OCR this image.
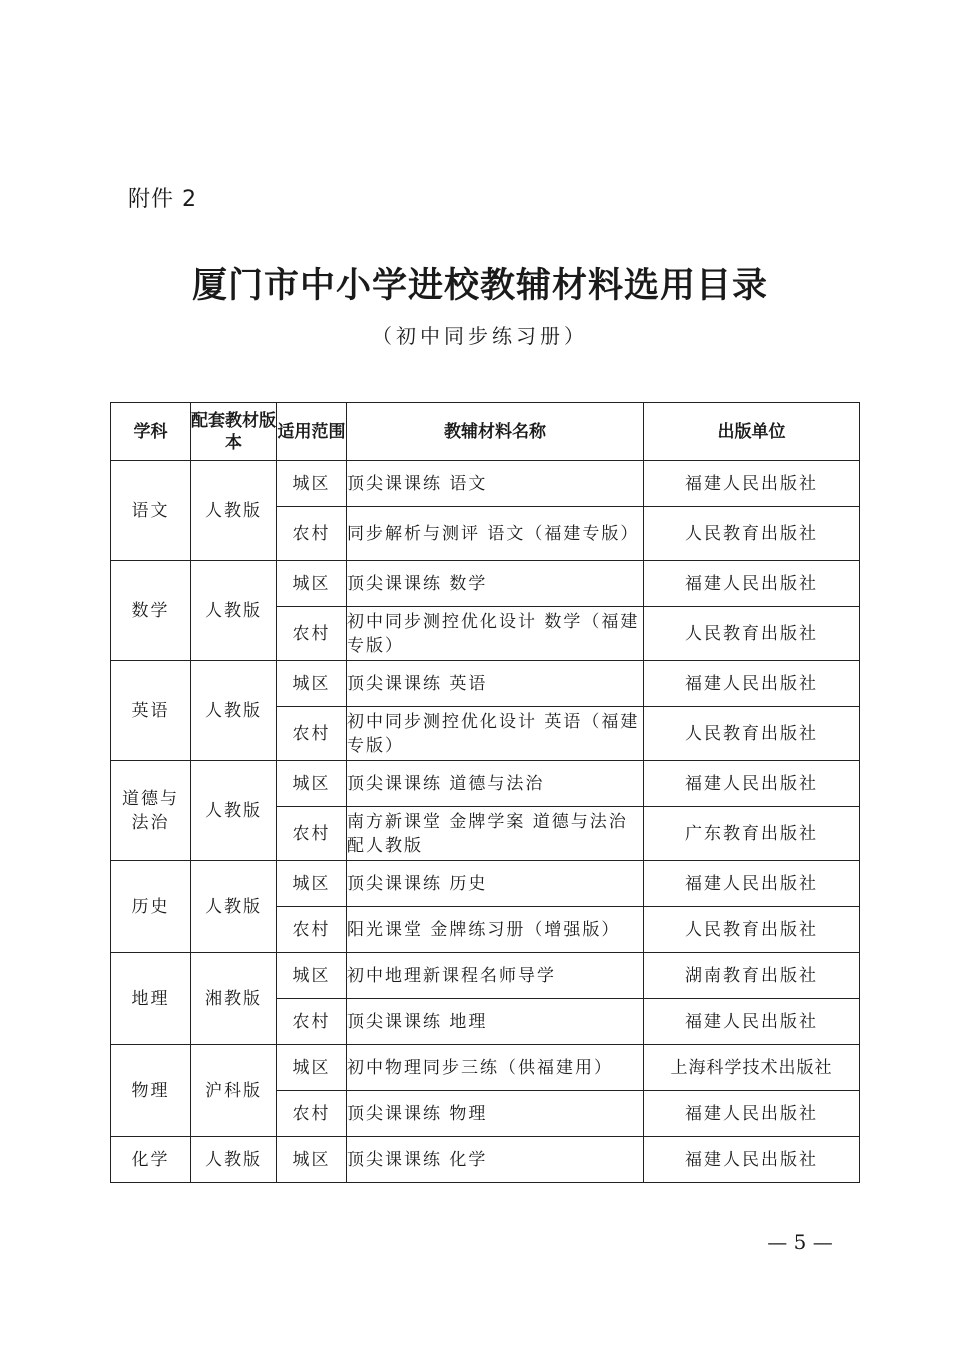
附件 2
厦门市中小学进校教辅材料选用目录
（初中同步练习册）
学科	配套教材版本	适用范围	教辅材料名称	出版单位
语文	人教版	城区	顶尖课课练 语文	福建人民出版社
		农村	同步解析与测评 语文（福建专版）	人民教育出版社
数学	人教版	城区	顶尖课课练 数学	福建人民出版社
		农村	初中同步测控优化设计 数学（福建专版）	人民教育出版社
英语	人教版	城区	顶尖课课练 英语	福建人民出版社
		农村	初中同步测控优化设计 英语（福建专版）	人民教育出版社
道德与法治	人教版	城区	顶尖课课练 道德与法治	福建人民出版社
		农村	南方新课堂 金牌学案 道德与法治 配人教版	广东教育出版社
历史	人教版	城区	顶尖课课练 历史	福建人民出版社
		农村	阳光课堂 金牌练习册（增强版）	人民教育出版社
地理	湘教版	城区	初中地理新课程名师导学	湖南教育出版社
		农村	顶尖课课练 地理	福建人民出版社
物理	沪科版	城区	初中物理同步三练（供福建用）	上海科学技术出版社
		农村	顶尖课课练 物理	福建人民出版社
化学	人教版	城区	顶尖课课练 化学	福建人民出版社
— 5 —
